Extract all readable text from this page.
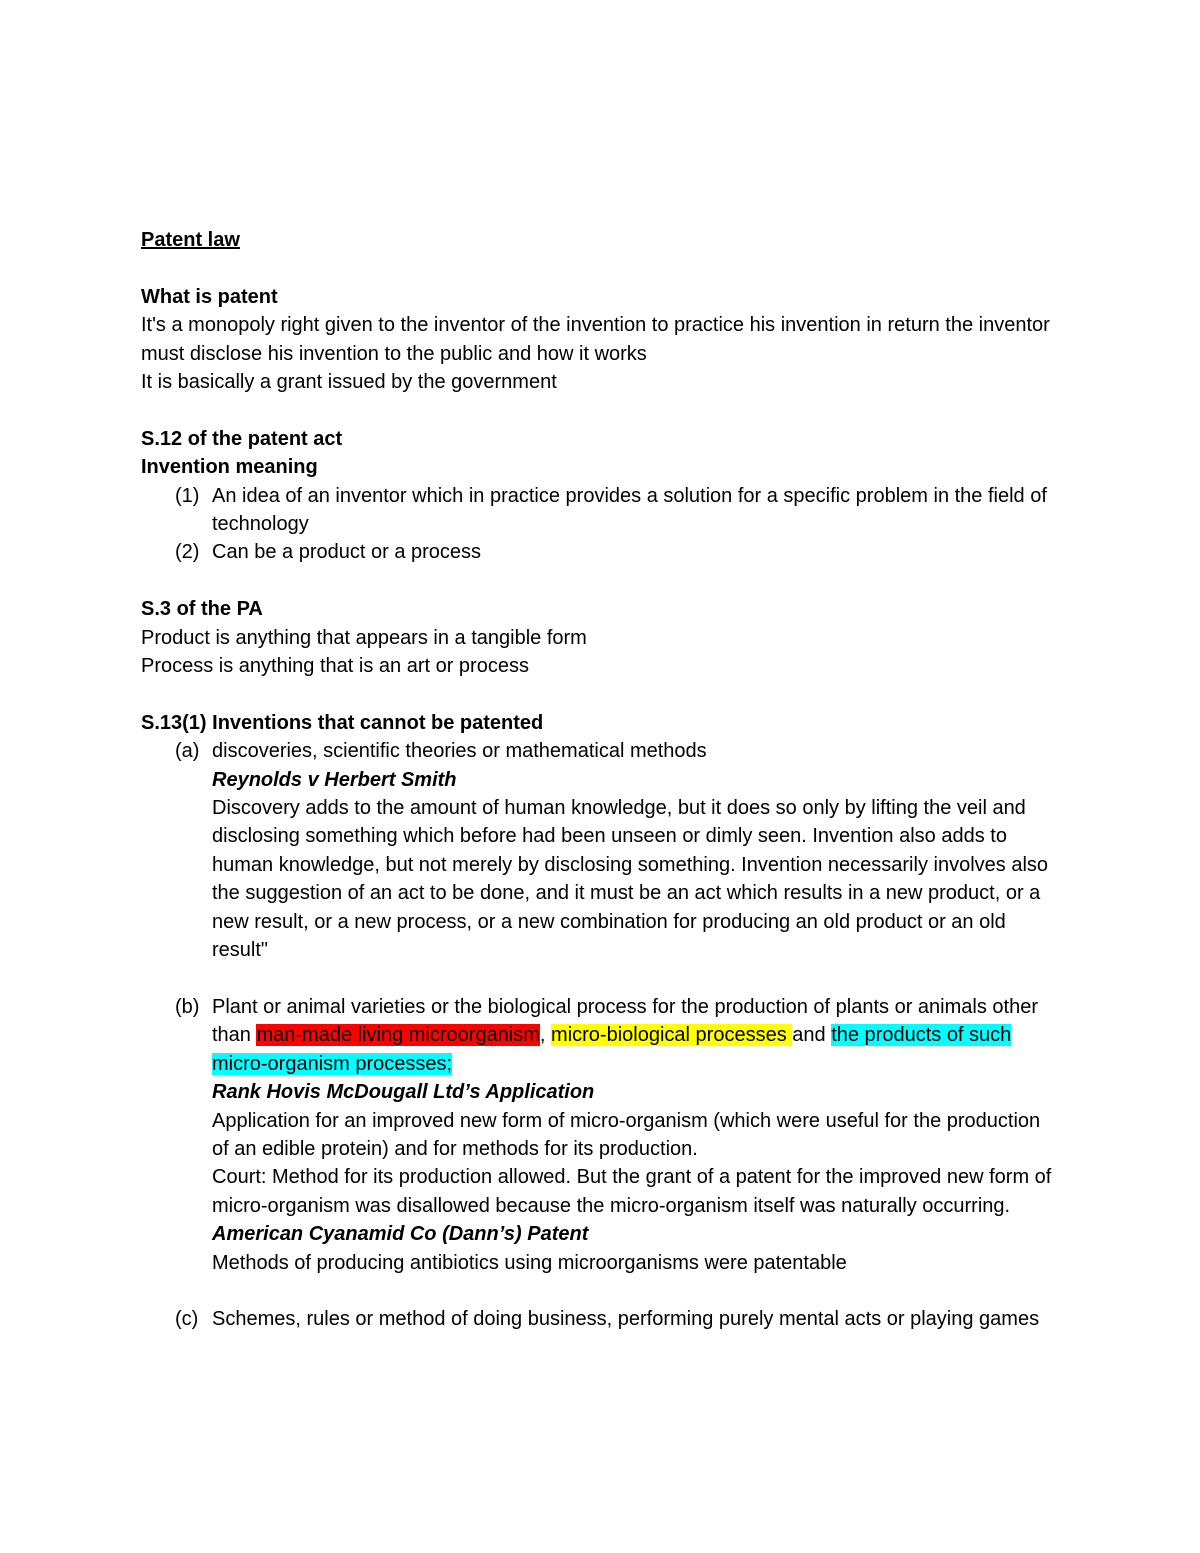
Patent law

What is patent

It's a monopoly right given to the inventor of the invention to practice his invention in return the inventor must disclose his invention to the public and how it works

It is basically a grant issued by the government

S.12 of the patent act

Invention meaning

(1) An idea of an inventor which in practice provides a solution for a specific problem in the field of technology
(2) Can be a product or a process

S.3 of the PA

Product is anything that appears in a tangible form

Process is anything that is an art or process

S.13(1) Inventions that cannot be patented

(a) discoveries, scientific theories or mathematical methods

Reynolds v Herbert Smith

Discovery adds to the amount of human knowledge, but it does so only by lifting the veil and disclosing something which before had been unseen or dimly seen. Invention also adds to human knowledge, but not merely by disclosing something. Invention necessarily involves also the suggestion of an act to be done, and it must be an act which results in a new product, or a new result, or a new process, or a new combination for producing an old product or an old result"

(b) Plant or animal varieties or the biological process for the production of plants or animals other than man-made living microorganism, micro-biological processes and the products of such micro-organism processes;

Rank Hovis McDougall Ltd’s Application

Application for an improved new form of micro-organism (which were useful for the production of an edible protein) and for methods for its production.

Court: Method for its production allowed. But the grant of a patent for the improved new form of micro-organism was disallowed because the micro-organism itself was naturally occurring.

American Cyanamid Co (Dann’s) Patent

Methods of producing antibiotics using microorganisms were patentable

(c) Schemes, rules or method of doing business, performing purely mental acts or playing games
